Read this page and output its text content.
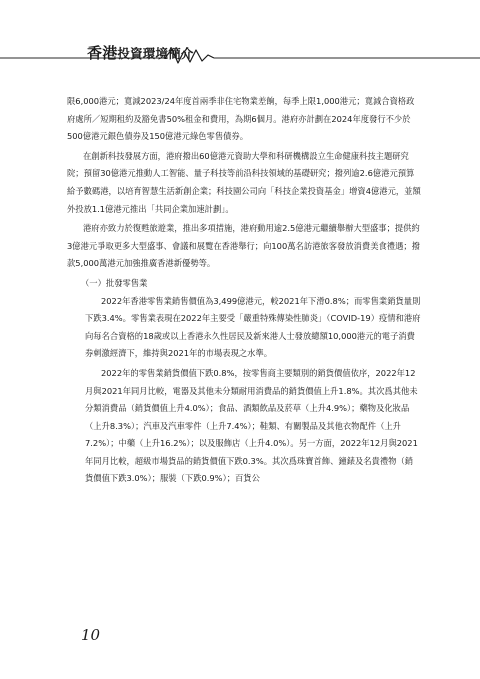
香港投資環境簡介

限6,000港元；寬減2023/24年度首兩季非住宅物業差餉，每季上限1,000港元；寬減合資格政府處所／短期租約及豁免書50%租金和費用，為期6個月。港府亦計劃在2024年度發行不少於500億港元銀色債券及150億港元綠色零售債券。

在創新科技發展方面，港府撥出60億港元資助大學和科研機構設立生命健康科技主題研究院；預留30億港元推動人工智能、量子科技等前沿科技領域的基礎研究；撥列逾2.6億港元預算給予數碼港，以培育智慧生活新創企業；科技園公司向「科技企業投資基金」增資4億港元，並額外投放1.1億港元推出「共同企業加速計劃」。

港府亦致力於復甦旅遊業，推出多項措施，港府動用逾2.5億港元繼續舉辦大型盛事；提供約3億港元爭取更多大型盛事、會議和展覽在香港舉行；向100萬名訪港旅客發放消費美食禮遇；撥款5,000萬港元加強推廣香港新優勢等。

（一）批發零售業

2022年香港零售業銷售價值為3,499億港元，較2021年下滑0.8%；而零售業銷貨量則下跌3.4%。零售業表現在2022年主要受「嚴重特殊傳染性肺炎」（COVID-19）疫情和港府向每名合資格的18歲或以上香港永久性居民及新來港人士發放總額10,000港元的電子消費券刺激經濟下，維持與2021年的市場表現之水準。

2022年的零售業銷貨價值下跌0.8%，按零售商主要類別的銷貨價值依序，2022年12月與2021年同月比較，電器及其他未分類耐用消費品的銷貨價值上升1.8%。其次爲其他未分類消費品（銷貨價值上升4.0%）；食品、酒類飲品及菸草（上升4.9%）；藥物及化妝品（上升8.3%）；汽車及汽車零件（上升7.4%）；鞋類、有關製品及其他衣物配件（上升7.2%）；中藥（上升16.2%）；以及服飾店（上升4.0%）。另一方面，2022年12月與2021年同月比較，超級市場貨品的銷貨價值下跌0.3%。其次爲珠寶首飾、鐘錶及名貴禮物（銷貨價值下跌3.0%）；服裝（下跌0.9%）；百貨公

10
